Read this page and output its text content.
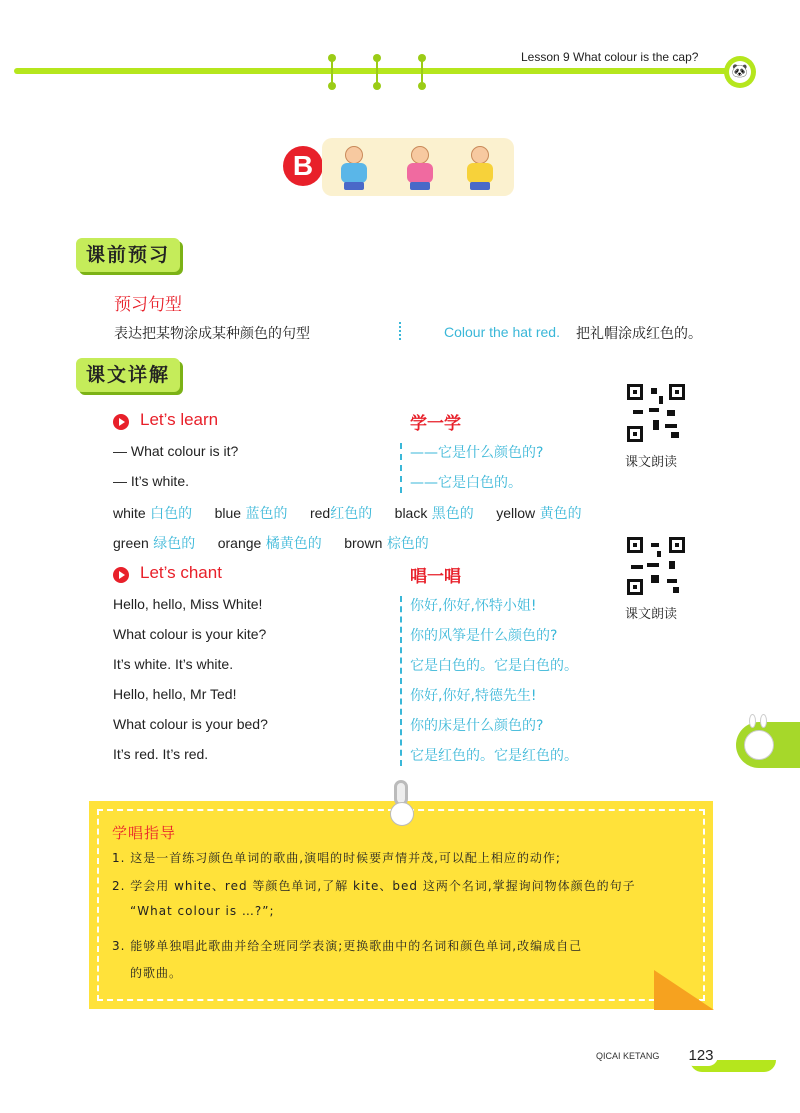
Lesson 9 What colour is the cap?
🐼
B
课前预习
预习句型
表达把某物涂成某种颜色的句型	Colour the hat red. 把礼帽涂成红色的。
课文详解
课文朗读
Let’s learn	学一学
— What colour is it?	——它是什么颜色的?
— It’s white.	——它是白色的。
white 白色的 blue 蓝色的 red红色的 black 黑色的 yellow 黄色的
green 绿色的 orange 橘黄色的 brown 棕色的
课文朗读
Let’s chant	唱一唱
Hello, hello, Miss White!	你好,你好,怀特小姐!
What colour is your kite?	你的风筝是什么颜色的?
It’s white. It’s white.	它是白色的。它是白色的。
Hello, hello, Mr Ted!	你好,你好,特德先生!
What colour is your bed?	你的床是什么颜色的?
It’s red. It’s red.	它是红色的。它是红色的。
学唱指导
1. 这是一首练习颜色单词的歌曲,演唱的时候要声情并茂,可以配上相应的动作;
2. 学会用 white、red 等颜色单词,了解 kite、bed 这两个名词,掌握询问物体颜色的句子
“What colour is …?”;
3. 能够单独唱此歌曲并给全班同学表演;更换歌曲中的名词和颜色单词,改编成自己
的歌曲。
QICAI KETANG 123
